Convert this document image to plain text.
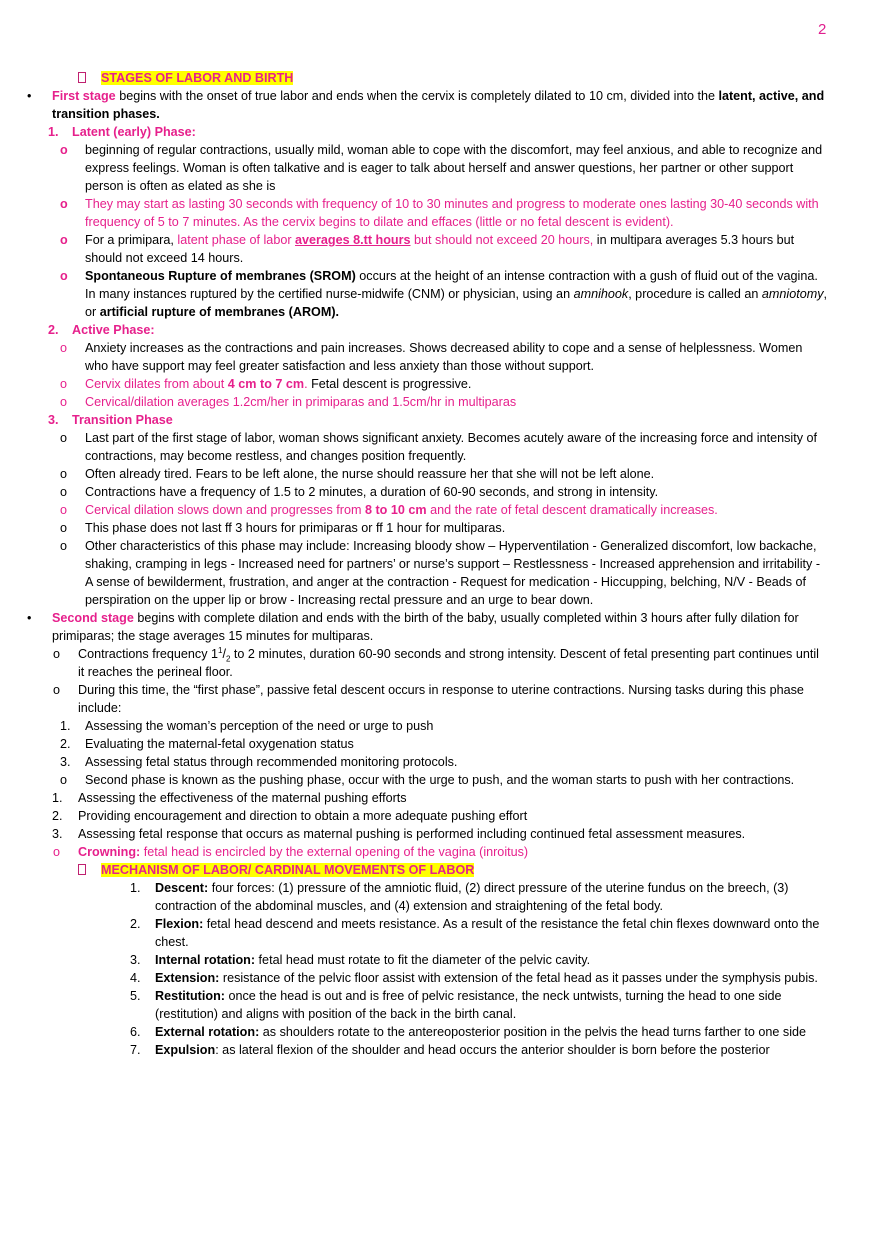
2
STAGES OF LABOR AND BIRTH
• First stage begins with the onset of true labor and ends when the cervix is completely dilated to 10 cm, divided into the latent, active, and transition phases.
1. Latent (early) Phase:
o beginning of regular contractions, usually mild, woman able to cope with the discomfort, may feel anxious, and able to recognize and express feelings. Woman is often talkative and is eager to talk about herself and answer questions, her partner or other support person is often as elated as she is
o They may start as lasting 30 seconds with frequency of 10 to 30 minutes and progress to moderate ones lasting 30-40 seconds with frequency of 5 to 7 minutes. As the cervix begins to dilate and effaces (little or no fetal descent is evident).
o For a primipara, latent phase of labor averages 8.tt hours but should not exceed 20 hours, in multipara averages 5.3 hours but should not exceed 14 hours.
o Spontaneous Rupture of membranes (SROM) occurs at the height of an intense contraction with a gush of fluid out of the vagina. In many instances ruptured by the certified nurse-midwife (CNM) or physician, using an amnihook, procedure is called an amniotomy, or artificial rupture of membranes (AROM).
2. Active Phase:
o Anxiety increases as the contractions and pain increases. Shows decreased ability to cope and a sense of helplessness. Women who have support may feel greater satisfaction and less anxiety than those without support.
o Cervix dilates from about 4 cm to 7 cm. Fetal descent is progressive.
o Cervical/dilation averages 1.2cm/her in primiparas and 1.5cm/hr in multiparas
3. Transition Phase
o Last part of the first stage of labor, woman shows significant anxiety. Becomes acutely aware of the increasing force and intensity of contractions, may become restless, and changes position frequently.
o Often already tired. Fears to be left alone, the nurse should reassure her that she will not be left alone.
o Contractions have a frequency of 1.5 to 2 minutes, a duration of 60-90 seconds, and strong in intensity.
o Cervical dilation slows down and progresses from 8 to 10 cm and the rate of fetal descent dramatically increases.
o This phase does not last ff 3 hours for primiparas or ff 1 hour for multiparas.
o Other characteristics of this phase may include: Increasing bloody show – Hyperventilation - Generalized discomfort, low backache, shaking, cramping in legs - Increased need for partners’ or nurse’s support – Restlessness - Increased apprehension and irritability - A sense of bewilderment, frustration, and anger at the contraction - Request for medication - Hiccupping, belching, N/V - Beads of perspiration on the upper lip or brow - Increasing rectal pressure and an urge to bear down.
• Second stage begins with complete dilation and ends with the birth of the baby, usually completed within 3 hours after fully dilation for primiparas; the stage averages 15 minutes for multiparas.
o Contractions frequency $1^1/_2$ to 2 minutes, duration 60-90 seconds and strong intensity. Descent of fetal presenting part continues until it reaches the perineal floor.
o During this time, the “first phase”, passive fetal descent occurs in response to uterine contractions. Nursing tasks during this phase include:
1. Assessing the woman’s perception of the need or urge to push
2. Evaluating the maternal-fetal oxygenation status
3. Assessing fetal status through recommended monitoring protocols.
o Second phase is known as the pushing phase, occur with the urge to push, and the woman starts to push with her contractions.
1. Assessing the effectiveness of the maternal pushing efforts
2. Providing encouragement and direction to obtain a more adequate pushing effort
3. Assessing fetal response that occurs as maternal pushing is performed including continued fetal assessment measures.
o Crowning: fetal head is encircled by the external opening of the vagina (inroitus)
MECHANISM OF LABOR/ CARDINAL MOVEMENTS OF LABOR
1. Descent: four forces: (1) pressure of the amniotic fluid, (2) direct pressure of the uterine fundus on the breech, (3) contraction of the abdominal muscles, and (4) extension and straightening of the fetal body.
2. Flexion: fetal head descend and meets resistance. As a result of the resistance the fetal chin flexes downward onto the chest.
3. Internal rotation: fetal head must rotate to fit the diameter of the pelvic cavity.
4. Extension: resistance of the pelvic floor assist with extension of the fetal head as it passes under the symphysis pubis.
5. Restitution: once the head is out and is free of pelvic resistance, the neck untwists, turning the head to one side (restitution) and aligns with position of the back in the birth canal.
6. External rotation: as shoulders rotate to the antereoposterior position in the pelvis the head turns farther to one side
7. Expulsion: as lateral flexion of the shoulder and head occurs the anterior shoulder is born before the posterior
